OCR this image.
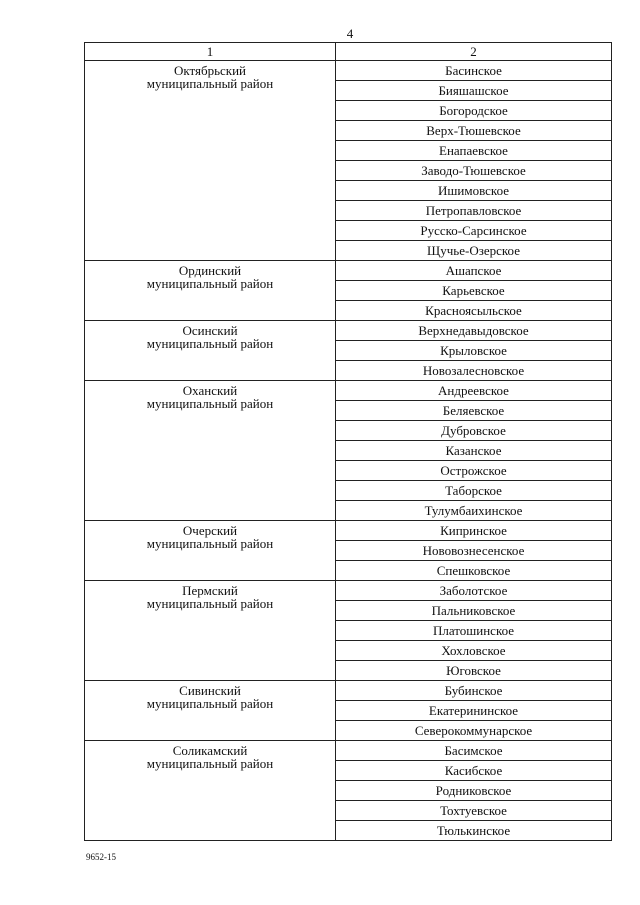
4
1	2

Октябрьский
муниципальный район	Басинское
	Бияшашское
	Богородское
	Верх-Тюшевское
	Енапаевское
	Заводо-Тюшевское
	Ишимовское
	Петропавловское
	Русско-Сарсинское
	Щучье-Озерское

Ординский
муниципальный район	Ашапское
	Карьевское
	Красноясыльское

Осинский
муниципальный район	Верхнедавыдовское
	Крыловское
	Новозалесновское

Оханский
муниципальный район	Андреевское
	Беляевское
	Дубровское
	Казанское
	Острожское
	Таборское
	Тулумбаихинское

Очерский
муниципальный район	Кипринское
	Нововознесенское
	Спешковское

Пермский
муниципальный район	Заболотское
	Пальниковское
	Платошинское
	Хохловское
	Юговское

Сивинский
муниципальный район	Бубинское
	Екатерининское
	Северокоммунарское

Соликамский
муниципальный район	Басимское
	Касибское
	Родниковское
	Тохтуевское
	Тюлькинское
9652-15
